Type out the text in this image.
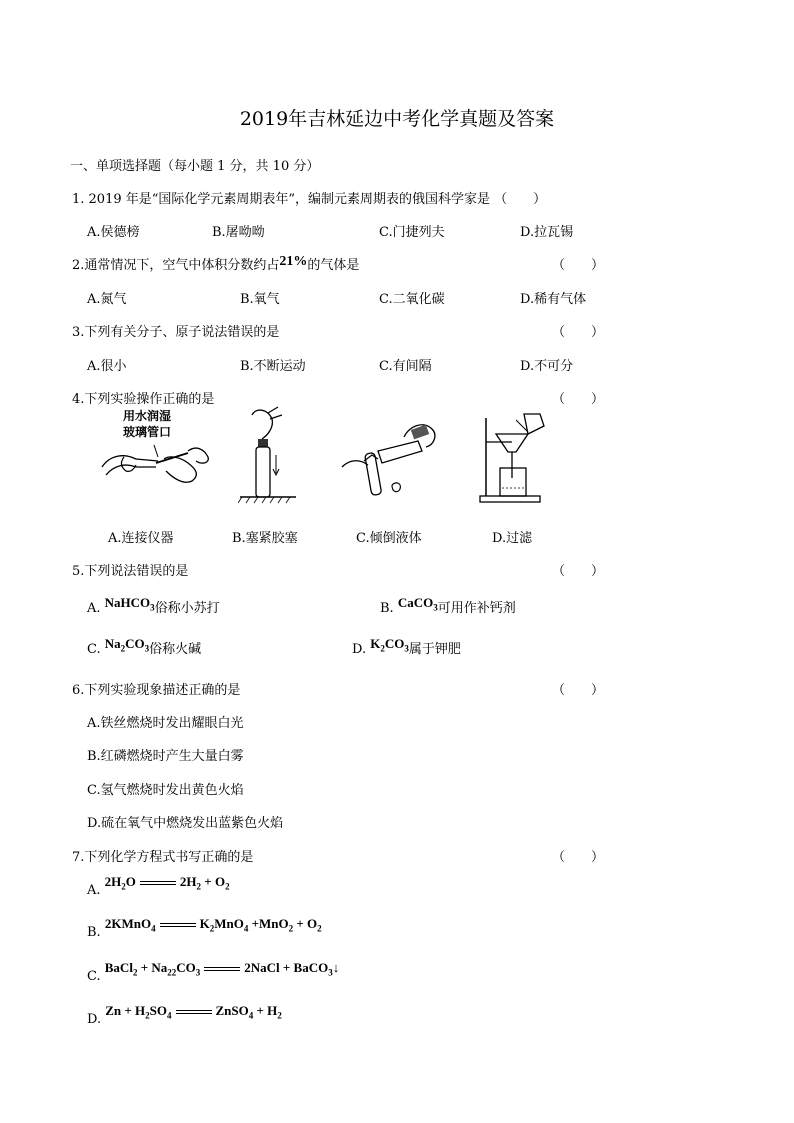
2019年吉林延边中考化学真题及答案
一、单项选择题（每小题 1 分，共 10 分）
1. 2019 年是“国际化学元素周期表年”，编制元素周期表的俄国科学家是 （　　）
A.侯德榜	B.屠呦呦	C.门捷列夫	D.拉瓦锡
2.通常情况下，空气中体积分数约占21%的气体是	（　　）
A.氮气	B.氧气	C.二氧化碳	D.稀有气体
3.下列有关分子、原子说法错误的是	（　　）
A.很小	B.不断运动	C.有间隔	D.不可分
4.下列实验操作正确的是	（　　）
用水润湿
玻璃管口
A.连接仪器	B.塞紧胶塞	C.倾倒液体	D.过滤
5.下列说法错误的是	（　　）
A. NaHCO$_3$俗称小苏打	B. CaCO$_3$可用作补钙剂
C. $Na_2CO_3$俗称火碱	D. $K_2CO_3$属于钾肥
6.下列实验现象描述正确的是	（　　）
A.铁丝燃烧时发出耀眼白光
B.红磷燃烧时产生大量白雾
C.氢气燃烧时发出黄色火焰
D.硫在氧气中燃烧发出蓝紫色火焰
7.下列化学方程式书写正确的是	（　　）
A. $2H_2O$	$2H_2 + O_2$
B. 2KMnO$_4$	$K_2MnO_4 +MnO_2 + O_2$
C. BaCl$_2$ + $Na_{22}CO_3$	2NaCl + BaCO$_3$↓
D. $Zn + H_2SO_4$	ZnSO$_4$ + $H_2$
